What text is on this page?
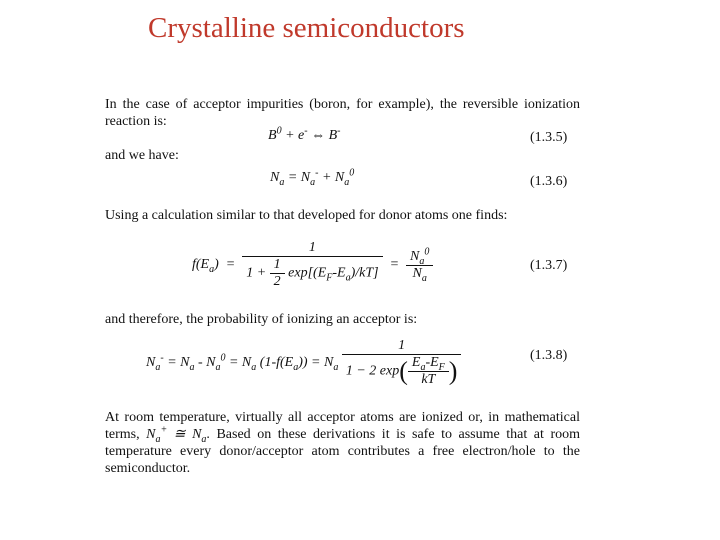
Crystalline semiconductors
In the case of acceptor impurities (boron, for example), the reversible ionization reaction is:
$B^0 + e^-$ ⇔ B-	(1.3.5)
and we have:
$N_a = N_a^- + N_a^0$
(1.3.6)
Using a calculation similar to that developed for donor atoms one finds:
$f(E_a) = \frac{1}{1 + \frac{1}{2} \exp[(E_F-E_a)/kT]} = \frac{N_a^0}{N_a}$	(1.3.7)
and therefore, the probability of ionizing an acceptor is:
$N_a^- = N_a - N_a^0 = N_a$ $(1-f(E_a)) = N_a \frac{1}{1 - 2 \exp( \frac{E_a-E_F}{kT} )}$	(1.3.8)
At room temperature, virtually all acceptor atoms are ionized or, in mathematical terms, $N_a^+$ ≅ $N_a$. Based on these derivations it is safe to assume that at room temperature every donor/acceptor atom contributes a free electron/hole to the semiconductor.
